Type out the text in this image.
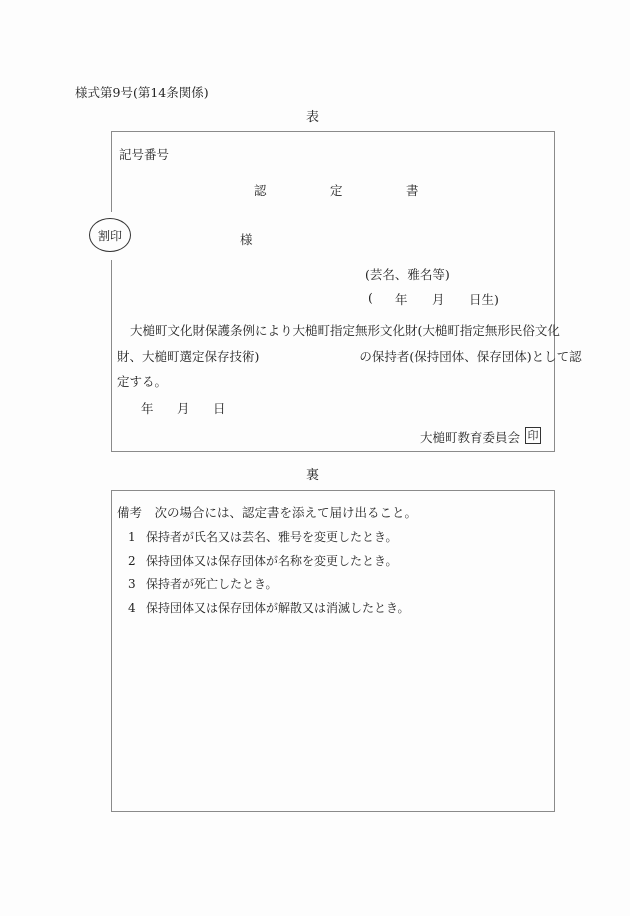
様式第9号(第14条関係)
表
割印
記号番号
認	定	書
様
(芸名、雅名等)
(	年	月	日生)
大槌町文化財保護条例により大槌町指定無形文化財(大槌町指定無形民俗文化
財、大槌町選定保存技術)　　　　　　　　の保持者(保持団体、保存団体)として認
定する。
年	月	日
大槌町教育委員会 印
裏
備考　次の場合には、認定書を添えて届け出ること。
1 保持者が氏名又は芸名、雅号を変更したとき。
2 保持団体又は保存団体が名称を変更したとき。
3 保持者が死亡したとき。
4 保持団体又は保存団体が解散又は消滅したとき。
